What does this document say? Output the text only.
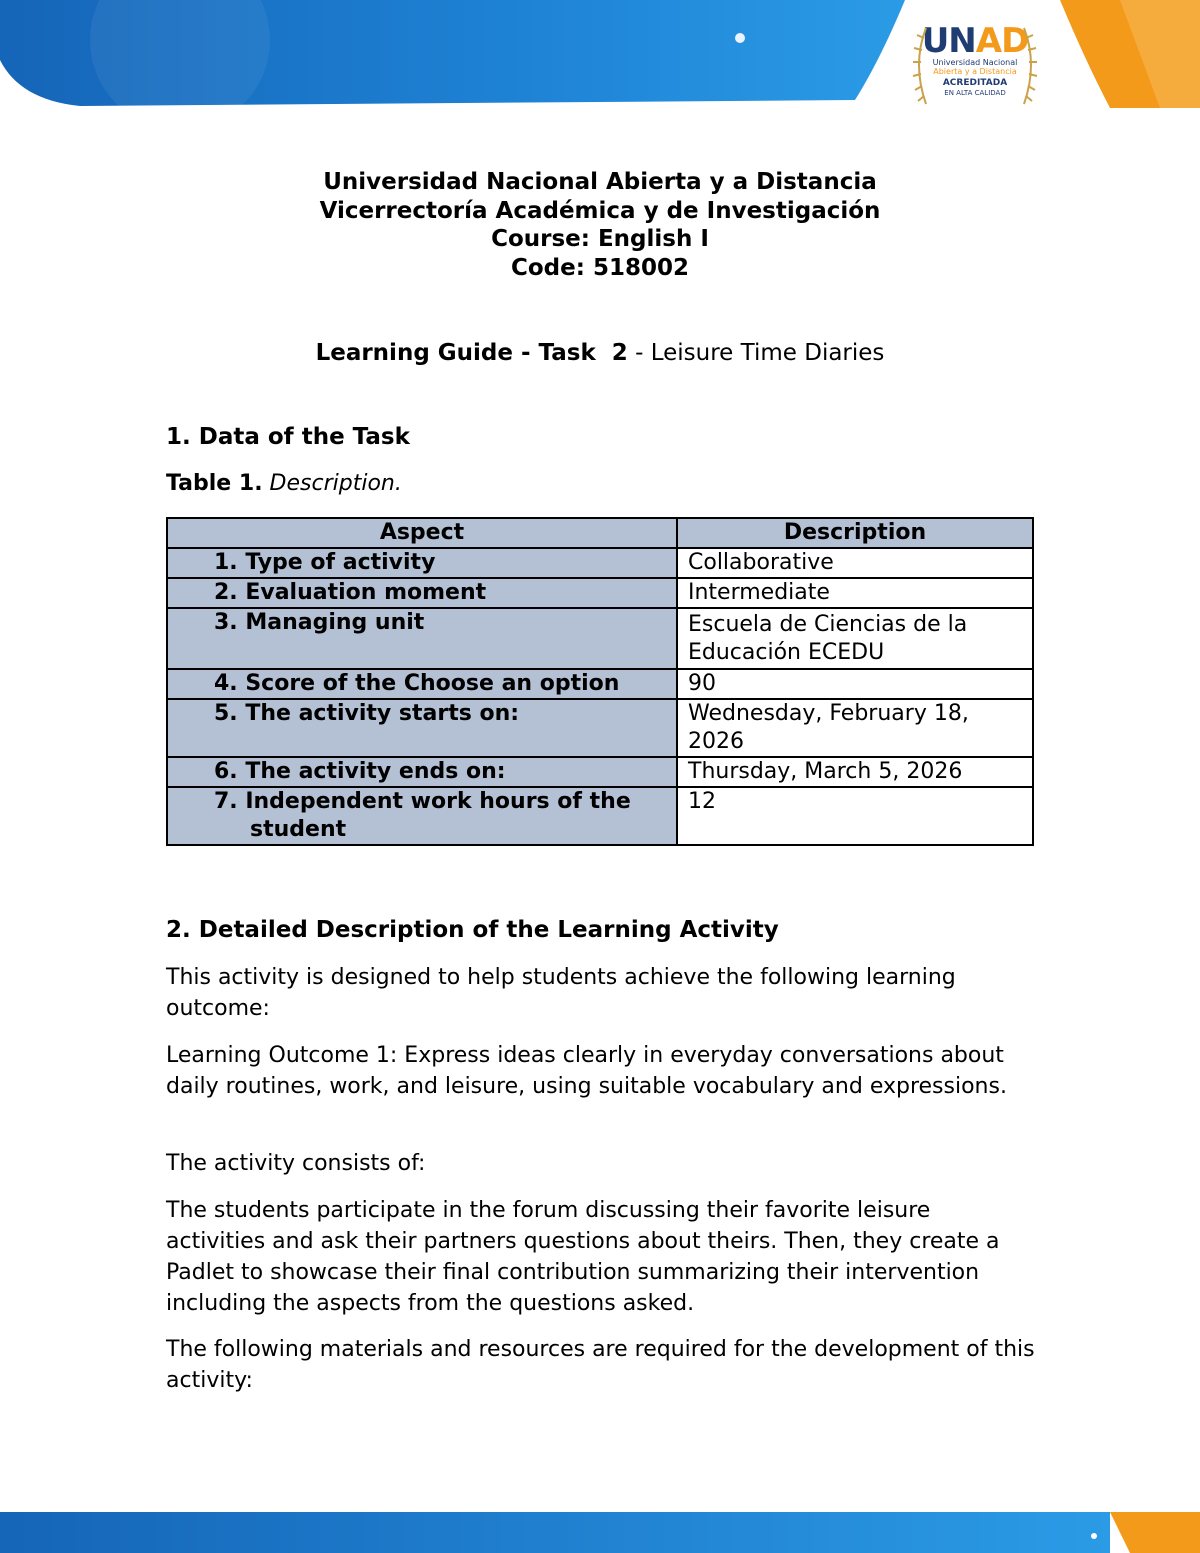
UNAD
Universidad Nacional
Abierta y a Distancia
ACREDITADA
EN ALTA CALIDAD
Universidad Nacional Abierta y a Distancia
Vicerrectoría Académica y de Investigación
Course: English I
Code: 518002
Learning Guide - Task  2 - Leisure Time Diaries
1. Data of the Task
Table 1. Description.
Aspect	Description
1. Type of activity	Collaborative
2. Evaluation moment	Intermediate
3. Managing unit	Escuela de Ciencias de la Educación ECEDU
4. Score of the Choose an option	90
5. The activity starts on:	Wednesday, February 18, 2026
6. The activity ends on:	Thursday, March 5, 2026
7. Independent work hours of the student	12
2. Detailed Description of the Learning Activity
This activity is designed to help students achieve the following learning outcome:
Learning Outcome 1: Express ideas clearly in everyday conversations about daily routines, work, and leisure, using suitable vocabulary and expressions.
The activity consists of:
The students participate in the forum discussing their favorite leisure activities and ask their partners questions about theirs. Then, they create a Padlet to showcase their final contribution summarizing their intervention including the aspects from the questions asked.
The following materials and resources are required for the development of this activity:
